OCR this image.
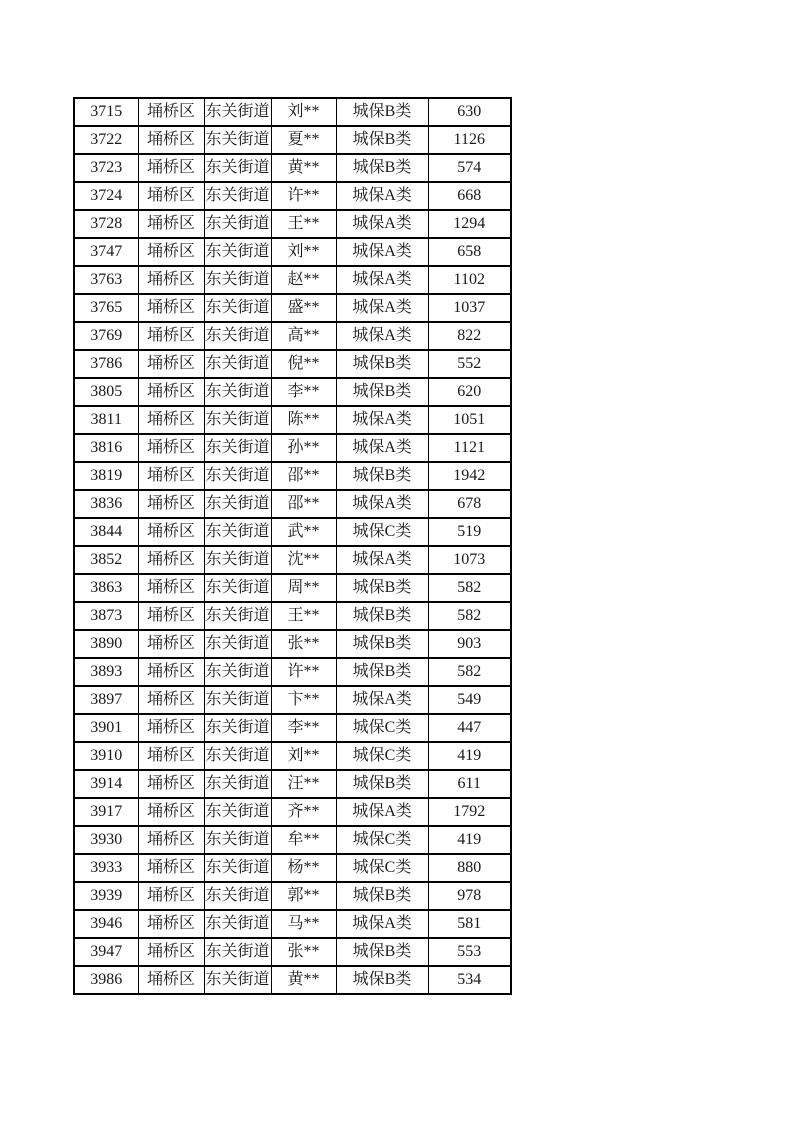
3715	埇桥区	东关街道	刘**	城保B类	630
3722	埇桥区	东关街道	夏**	城保B类	1126
3723	埇桥区	东关街道	黄**	城保B类	574
3724	埇桥区	东关街道	许**	城保A类	668
3728	埇桥区	东关街道	王**	城保A类	1294
3747	埇桥区	东关街道	刘**	城保A类	658
3763	埇桥区	东关街道	赵**	城保A类	1102
3765	埇桥区	东关街道	盛**	城保A类	1037
3769	埇桥区	东关街道	高**	城保A类	822
3786	埇桥区	东关街道	倪**	城保B类	552
3805	埇桥区	东关街道	李**	城保B类	620
3811	埇桥区	东关街道	陈**	城保A类	1051
3816	埇桥区	东关街道	孙**	城保A类	1121
3819	埇桥区	东关街道	邵**	城保B类	1942
3836	埇桥区	东关街道	邵**	城保A类	678
3844	埇桥区	东关街道	武**	城保C类	519
3852	埇桥区	东关街道	沈**	城保A类	1073
3863	埇桥区	东关街道	周**	城保B类	582
3873	埇桥区	东关街道	王**	城保B类	582
3890	埇桥区	东关街道	张**	城保B类	903
3893	埇桥区	东关街道	许**	城保B类	582
3897	埇桥区	东关街道	卞**	城保A类	549
3901	埇桥区	东关街道	李**	城保C类	447
3910	埇桥区	东关街道	刘**	城保C类	419
3914	埇桥区	东关街道	汪**	城保B类	611
3917	埇桥区	东关街道	齐**	城保A类	1792
3930	埇桥区	东关街道	牟**	城保C类	419
3933	埇桥区	东关街道	杨**	城保C类	880
3939	埇桥区	东关街道	郭**	城保B类	978
3946	埇桥区	东关街道	马**	城保A类	581
3947	埇桥区	东关街道	张**	城保B类	553
3986	埇桥区	东关街道	黄**	城保B类	534
